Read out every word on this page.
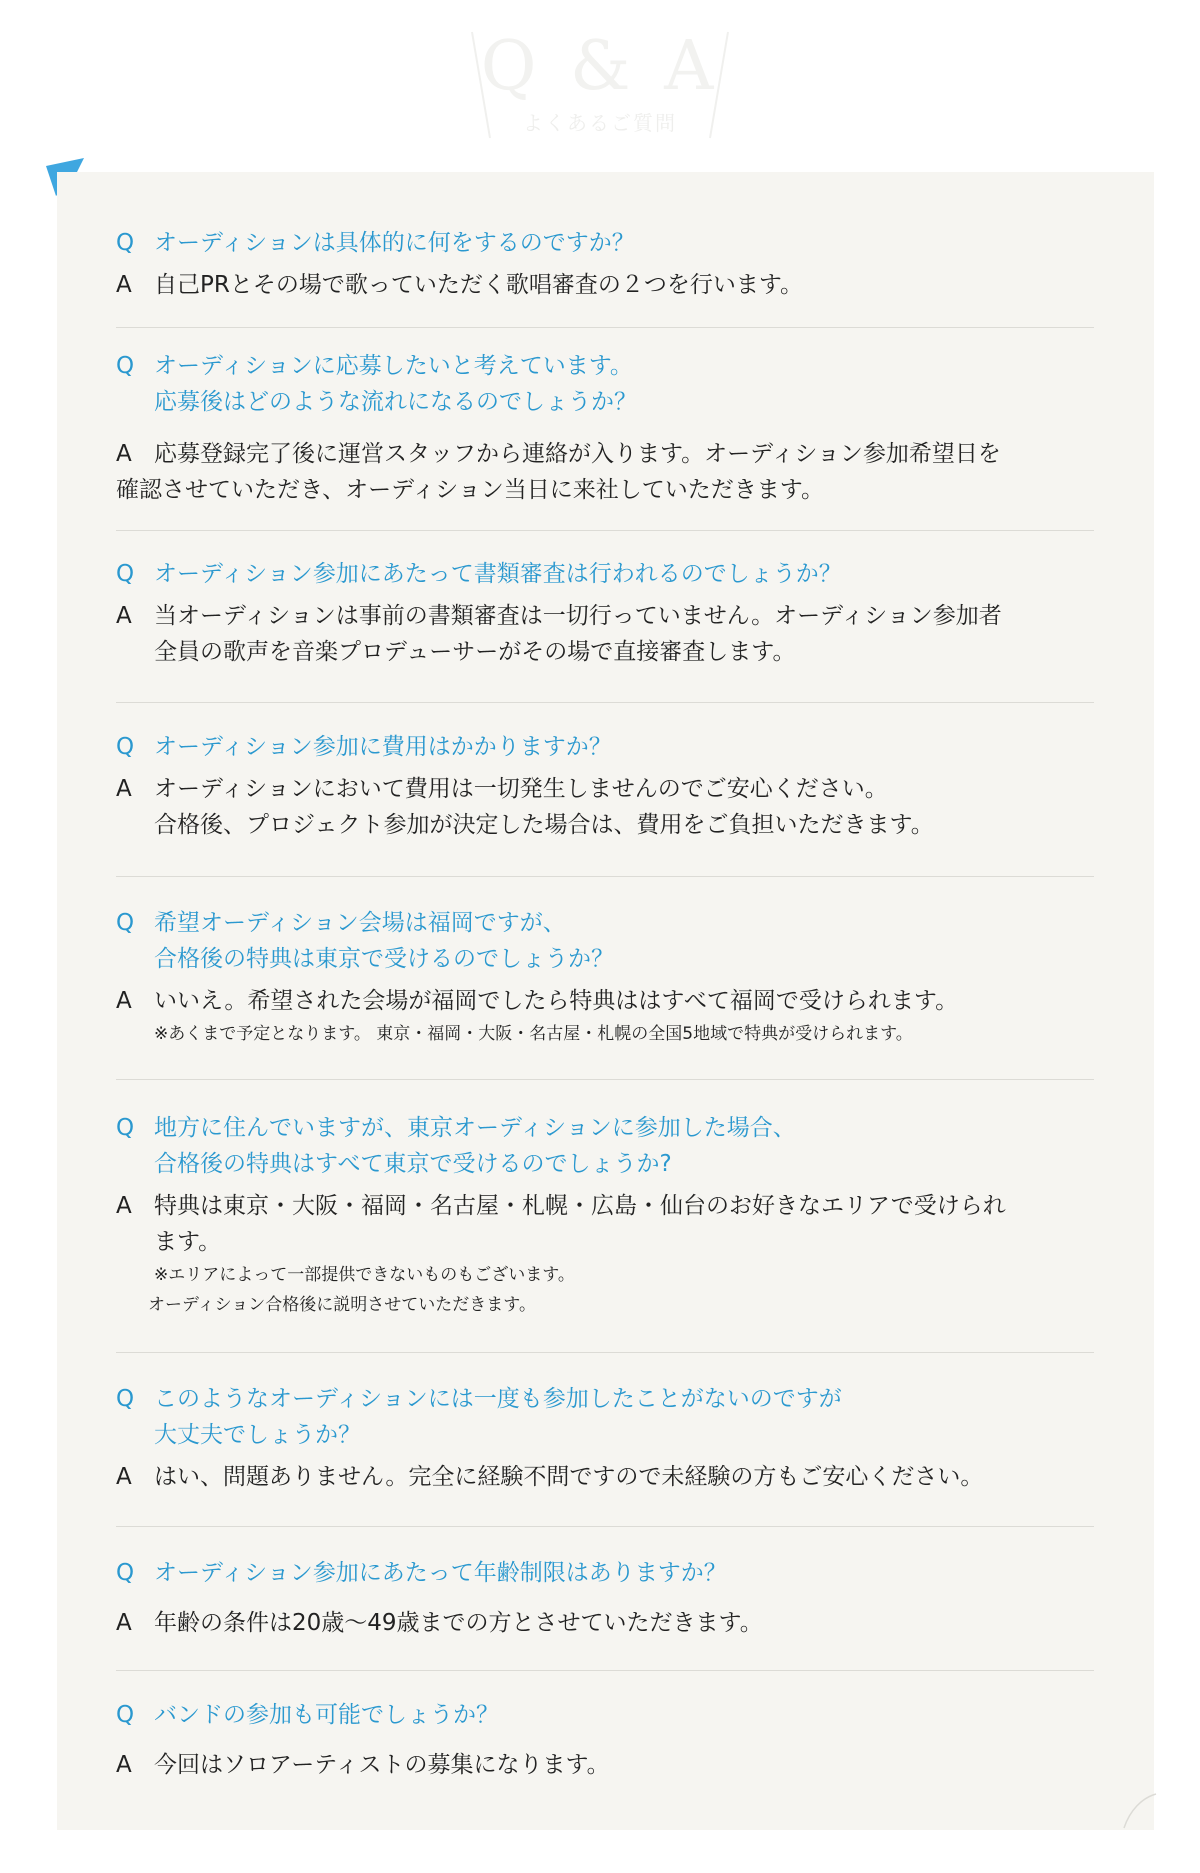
Q & A
よくあるご質問

Q オーディションは具体的に何をするのですか？

A 自己PRとその場で歌っていただく歌唱審査の２つを行います。

Q オーディションに応募したいと考えています。
応募後はどのような流れになるのでしょうか？

A 応募登録完了後に運営スタッフから連絡が入ります。オーディション参加希望日を
確認させていただき、オーディション当日に来社していただきます。

Q オーディション参加にあたって書類審査は行われるのでしょうか？

A 当オーディションは事前の書類審査は一切行っていません。オーディション参加者
全員の歌声を音楽プロデューサーがその場で直接審査します。

Q オーディション参加に費用はかかりますか？

A オーディションにおいて費用は一切発生しませんのでご安心ください。
合格後、プロジェクト参加が決定した場合は、費用をご負担いただきます。

Q 希望オーディション会場は福岡ですが、
合格後の特典は東京で受けるのでしょうか？

A いいえ。希望された会場が福岡でしたら特典ははすべて福岡で受けられます。

※あくまで予定となります。 東京・福岡・大阪・名古屋・札幌の全国5地域で特典が受けられます。

Q 地方に住んでいますが、東京オーディションに参加した場合、
合格後の特典はすべて東京で受けるのでしょうか?

A 特典は東京・大阪・福岡・名古屋・札幌・広島・仙台のお好きなエリアで受けられ
ます。

※エリアによって一部提供できないものもございます。

オーディション合格後に説明させていただきます。

Q このようなオーディションには一度も参加したことがないのですが
大丈夫でしょうか？

A はい、問題ありません。完全に経験不問ですので未経験の方もご安心ください。

Q オーディション参加にあたって年齢制限はありますか？

A 年齢の条件は20歳〜49歳までの方とさせていただきます。

Q バンドの参加も可能でしょうか？

A 今回はソロアーティストの募集になります。
